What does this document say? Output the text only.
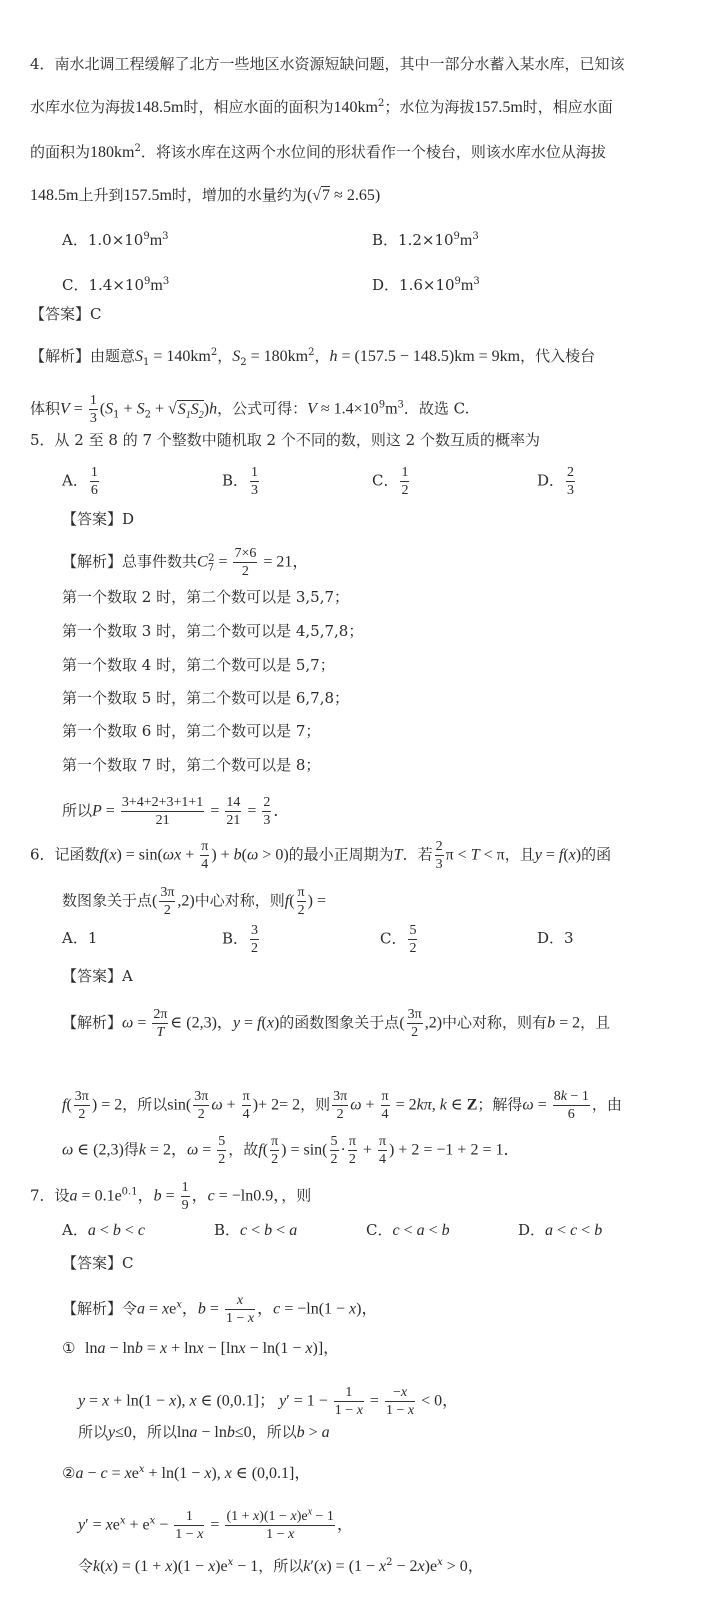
4．南水北调工程缓解了北方一些地区水资源短缺问题，其中一部分水蓄入某水库，已知该
水库水位为海拔148.5m时，相应水面的面积为$140km^2$；水位为海拔157.5m时，相应水面
的面积为$180km^2$．将该水库在这两个水位间的形状看作一个棱台，则该水库水位从海拔
148.5m上升到157.5m时，增加的水量约为(√7 ≈ 2.65)
A．$1.0\times 10^9m^3$	B．$1.2\times 10^9m^3$
C．$1.4\times 10^9m^3$	D．$1.6\times 10^9m^3$
【答案】C
【解析】由题意$S_1 = 140km^2$，$S_2 = 180km^2$，h = (157.5 − 148.5)km = 9km，代入棱台
体积$V = \frac{1}{3} (S_1 + S_2 + √S_1S_2)h$，公式可得：$V \approx 1.4\times 10^9m^3$．故选 C.
5．从 2 至 8 的 7 个整数中随机取 2 个不同的数，则这 2 个数互质的概率为
A． $\frac{1}{6}$	B． $\frac{1}{3}$	C． $\frac{1}{2}$	D． $\frac{2}{3}$
【答案】D
【解析】总事件数共$C_7^2 = \frac{7\times 6}{2} = 21$，
第一个数取 2 时，第二个数可以是 3,5,7；
第一个数取 3 时，第二个数可以是 4,5,7,8；
第一个数取 4 时，第二个数可以是 5,7；
第一个数取 5 时，第二个数可以是 6,7,8；
第一个数取 6 时，第二个数可以是 7；
第一个数取 7 时，第二个数可以是 8；
所以$P = \frac{3+4+2+3+1+1}{21} = \frac{14}{21} = \frac{2}{3}$ ．
6．记函数$f(x) = \sin(\omega x + \frac{\pi}{4}$ ) + b(ω > 0)的最小正周期为T．若 $\frac{2}{3}$ π < T < π，且y = f(x)的函
数图象关于点( $\frac{3\pi}{2} ,2$)中心对称，则$f( \frac{\pi}{2}$ ) =
A．1	B． $\frac{3}{2}$	C． $\frac{5}{2}$	D．3
【答案】A
【解析】$\omega = \frac{2\pi}{T}$ ∈ (2,3)，y = f(x)的函数图象关于点( $\frac{3\pi}{2} ,2$)中心对称，则有b = 2，且
$f( \frac{3\pi}{2}$ ) = 2，所以$\sin( \frac{3\pi}{2}$ $\omega + \frac{\pi}{4}$ )+ 2= 2，则 $\frac{3\pi}{2}$ $\omega + \frac{\pi}{4} = 2k\pi$, k ∈ Z；解得$\omega = \frac{8k - 1}{6}$ ，由
ω ∈ (2,3)得k = 2，$\omega = \frac{5}{2}$ ，故$f( \frac{\pi}{2}$ ) = $\sin( \frac{5}{2} \cdot \frac{\pi}{2} + \frac{\pi}{4}$ ) + 2 = −1 + 2 = 1．
7．设$a = 0.1e^{0.1}$，$b = \frac{1}{9}$ ，c = −ln0.9，，则
A．a < b < c	B．c < b < a	C．c < a < b	D．a < c < b
【答案】C
【解析】令$a = xe^x$，$b = \frac{x}{1 - x}$ ，c = −ln(1 − x)，
① lna − lnb = x + lnx − [lnx − ln(1 − x)]，
y = x + ln(1 − x), x ∈ (0,0.1]； $y' = 1 - \frac{1}{1 - x} = \frac{-x}{1 - x} < 0$，
所以y≤0，所以lna − lnb≤0，所以b > a
②a − $c = xe^x + \ln(1 - x)$, x ∈ (0,0.1]，
$y' = xe^x + e^x - \frac{1}{1 - x} = \frac{(1 + x)(1 - x)e^x - 1}{1 - x}$ ，
令$k(x) = (1 + x)(1 - x)e^x - 1$，所以$k'(x) = (1 - x^2 - 2x)e^x > 0$，
